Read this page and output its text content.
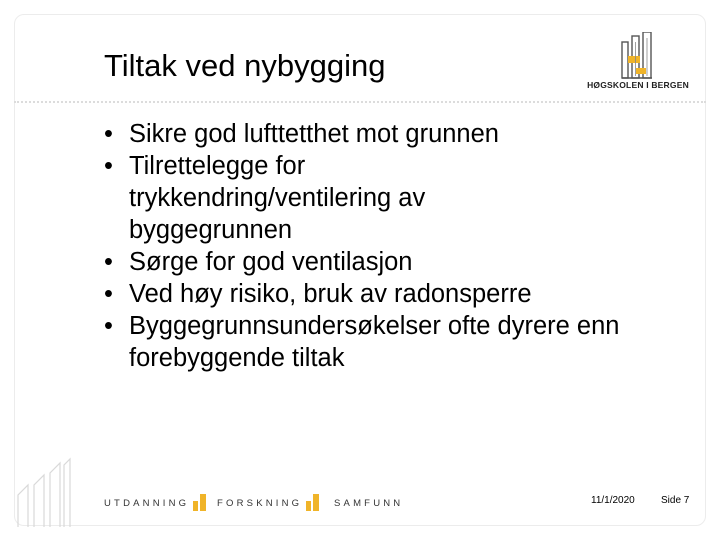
Tiltak ved nybygging
HØGSKOLEN I BERGEN
• Sikre god lufttetthet mot grunnen
• Tilrettelegge for trykkendring/ventilering av byggegrunnen
• Sørge for god ventilasjon
• Ved høy risiko, bruk av radonsperre
• Byggegrunnsundersøkelser ofte dyrere enn forebyggende tiltak
UTDANNING	FORSKNING	SAMFUNN	11/1/2020	Side 7
